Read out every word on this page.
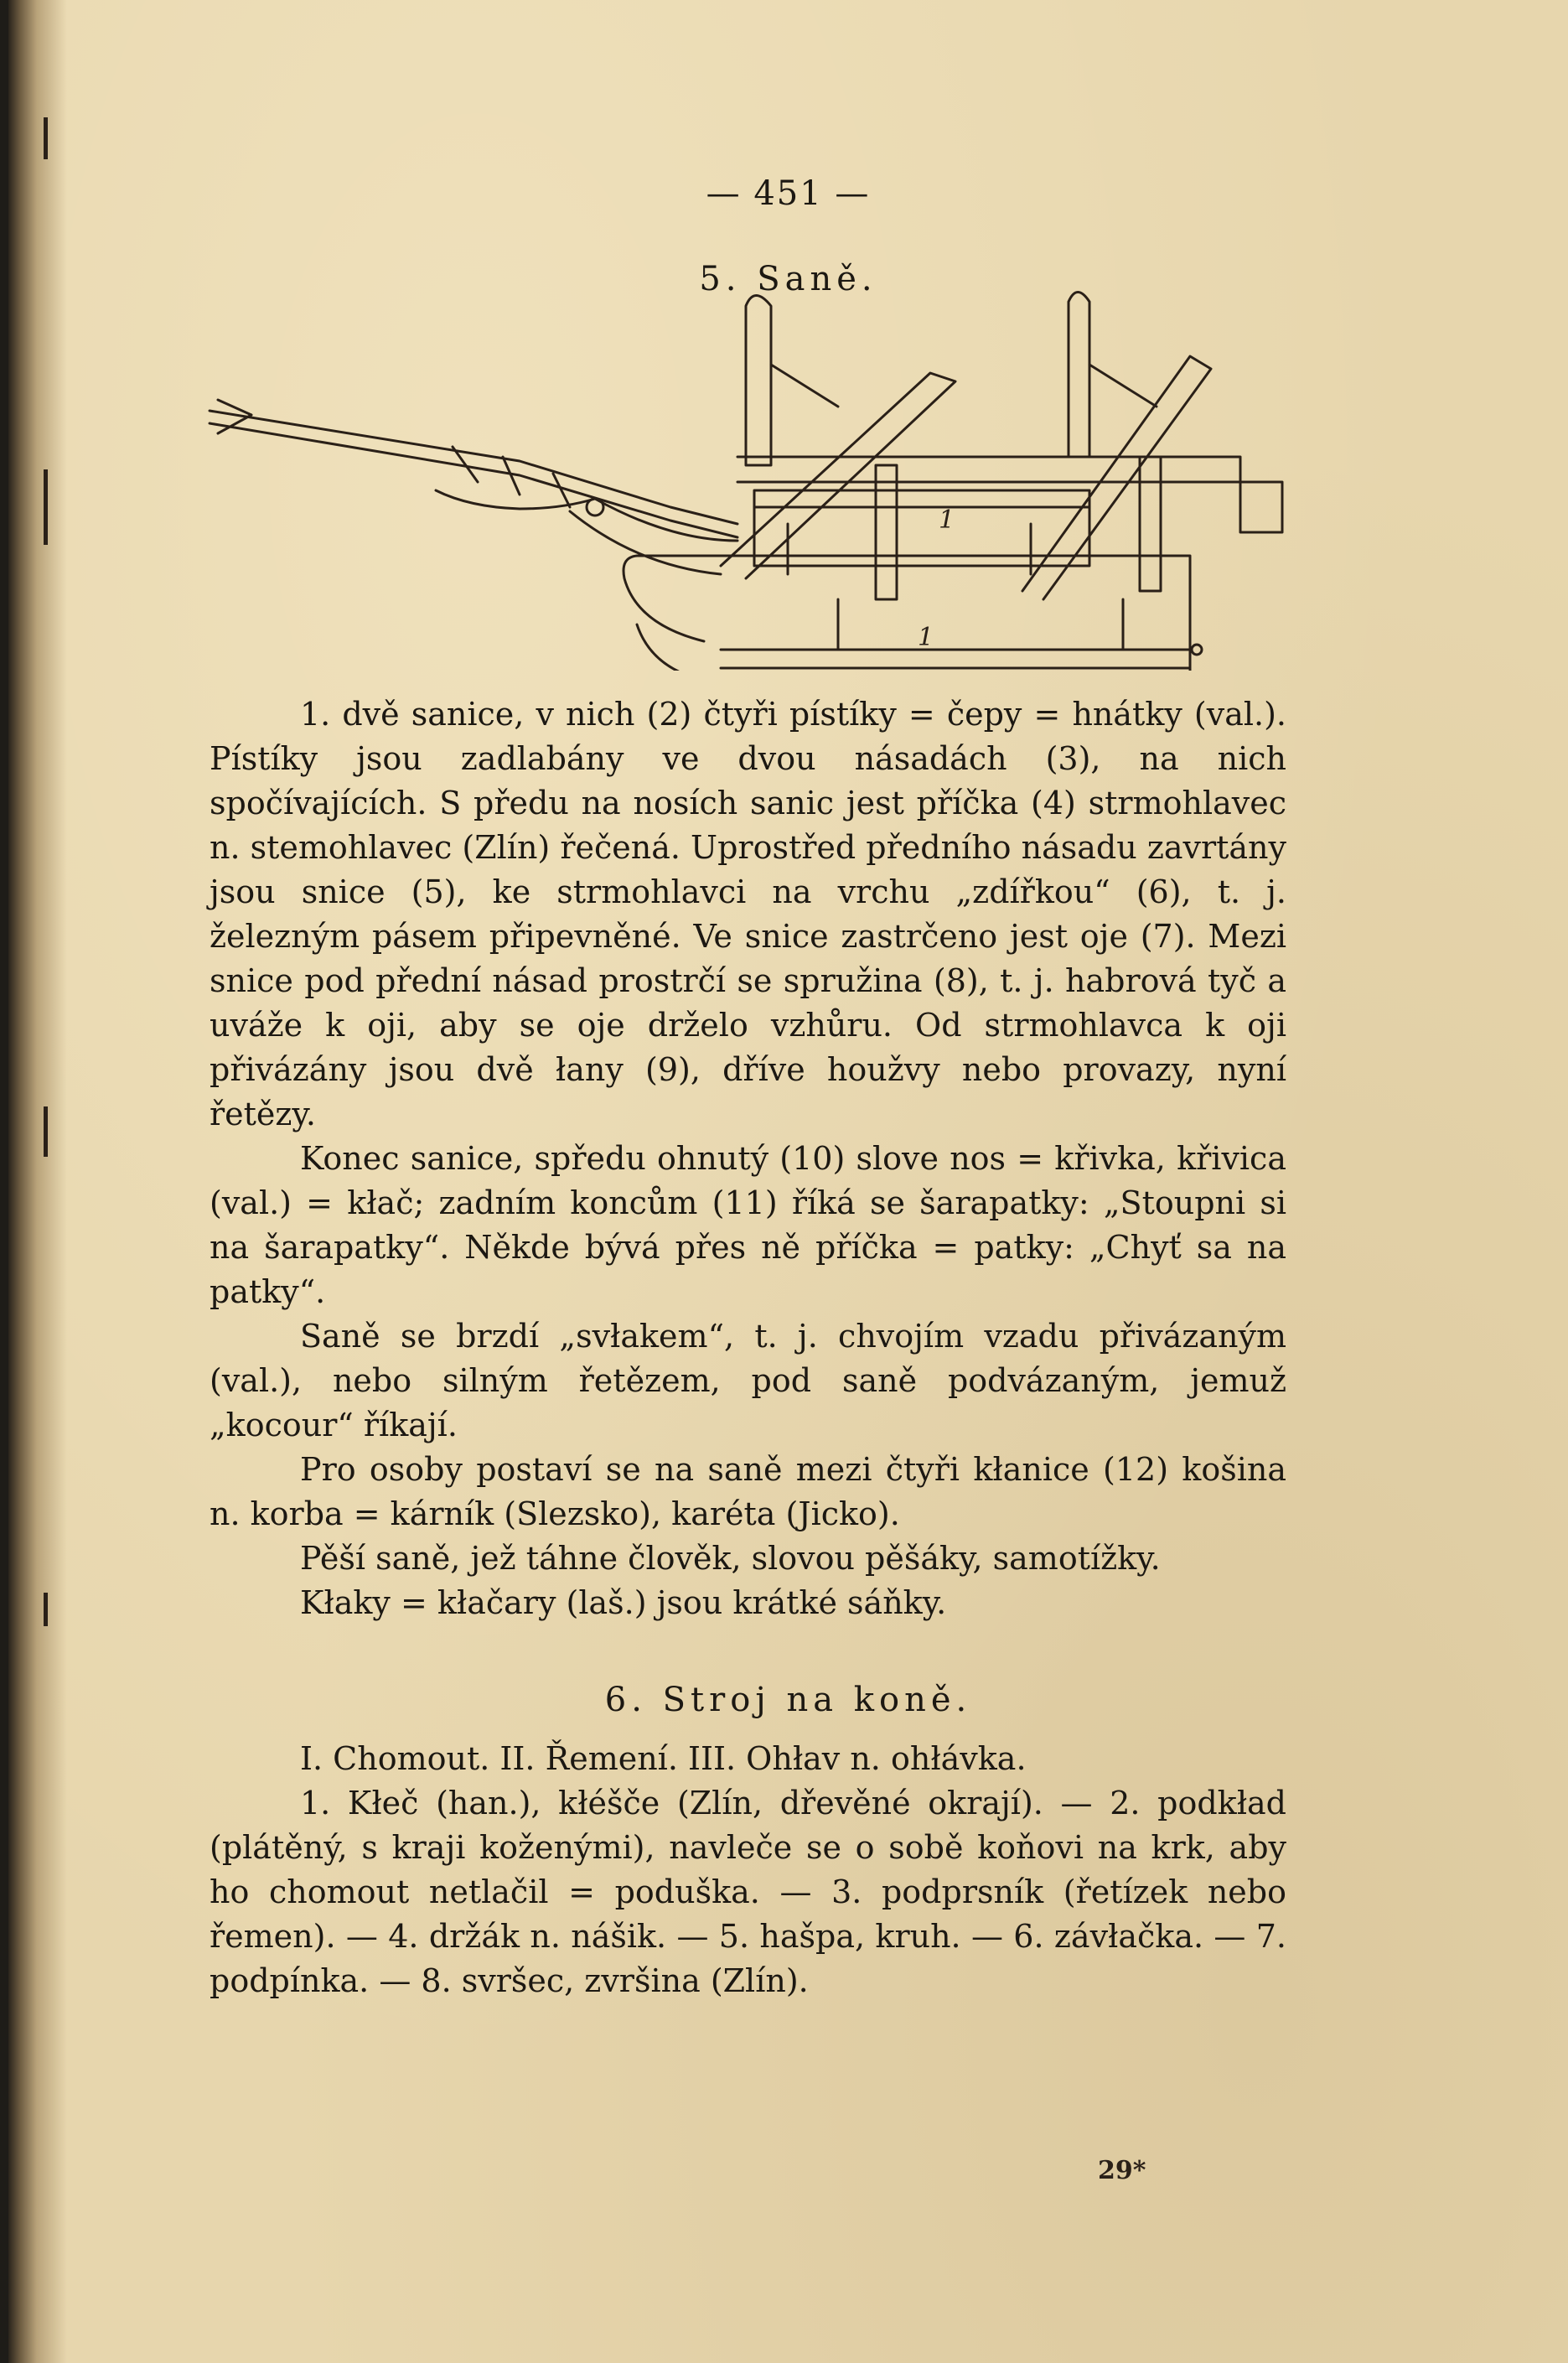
— 451 —
5. Saně.
1
1

1. dvě sanice, v nich (2) čtyři pístíky = čepy = hnátky (val.). Pístíky jsou zadlabány ve dvou násadách (3), na nich spočívajících. S předu na nosích sanic jest příčka (4) strmohlavec n. stemohlavec (Zlín) řečená. Uprostřed předního násadu zavrtány jsou snice (5), ke strmohlavci na vrchu „zdířkou“ (6), t. j. železným pásem připevněné. Ve snice zastrčeno jest oje (7). Mezi snice pod přední násad prostrčí se spružina (8), t. j. habrová tyč a uváže k oji, aby se oje drželo vzhůru. Od strmohlavca k oji přivázány jsou dvě łany (9), dříve houžvy nebo provazy, nyní řetězy.

Konec sanice, spředu ohnutý (10) slove nos = křivka, křivica (val.) = kłač; zadním koncům (11) říká se šarapatky: „Stoupni si na šarapatky“. Někde bývá přes ně příčka = patky: „Chyť sa na patky“.

Saně se brzdí „svłakem“, t. j. chvojím vzadu přivázaným (val.), nebo silným řetězem, pod saně podvázaným, jemuž „kocour“ říkají.

Pro osoby postaví se na saně mezi čtyři kłanice (12) košina n. korba = kárník (Slezsko), karéta (Jicko).

Pěší saně, jež táhne člověk, slovou pěšáky, samotížky.

Kłaky = kłačary (laš.) jsou krátké sáňky.

6. Stroj na koně.

I. Chomout. II. Řemení. III. Ohłav n. ohłávka.

1. Kłeč (han.), kłéšče (Zlín, dřevěné okrají). — 2. podkład (plátěný, s kraji koženými), navleče se o sobě koňovi na krk, aby ho chomout netlačil = poduška. — 3. podprsník (řetízek nebo řemen). — 4. držák n. nášik. — 5. hašpa, kruh. — 6. závłačka. — 7. podpínka. — 8. svršec, zvršina (Zlín).

29*
